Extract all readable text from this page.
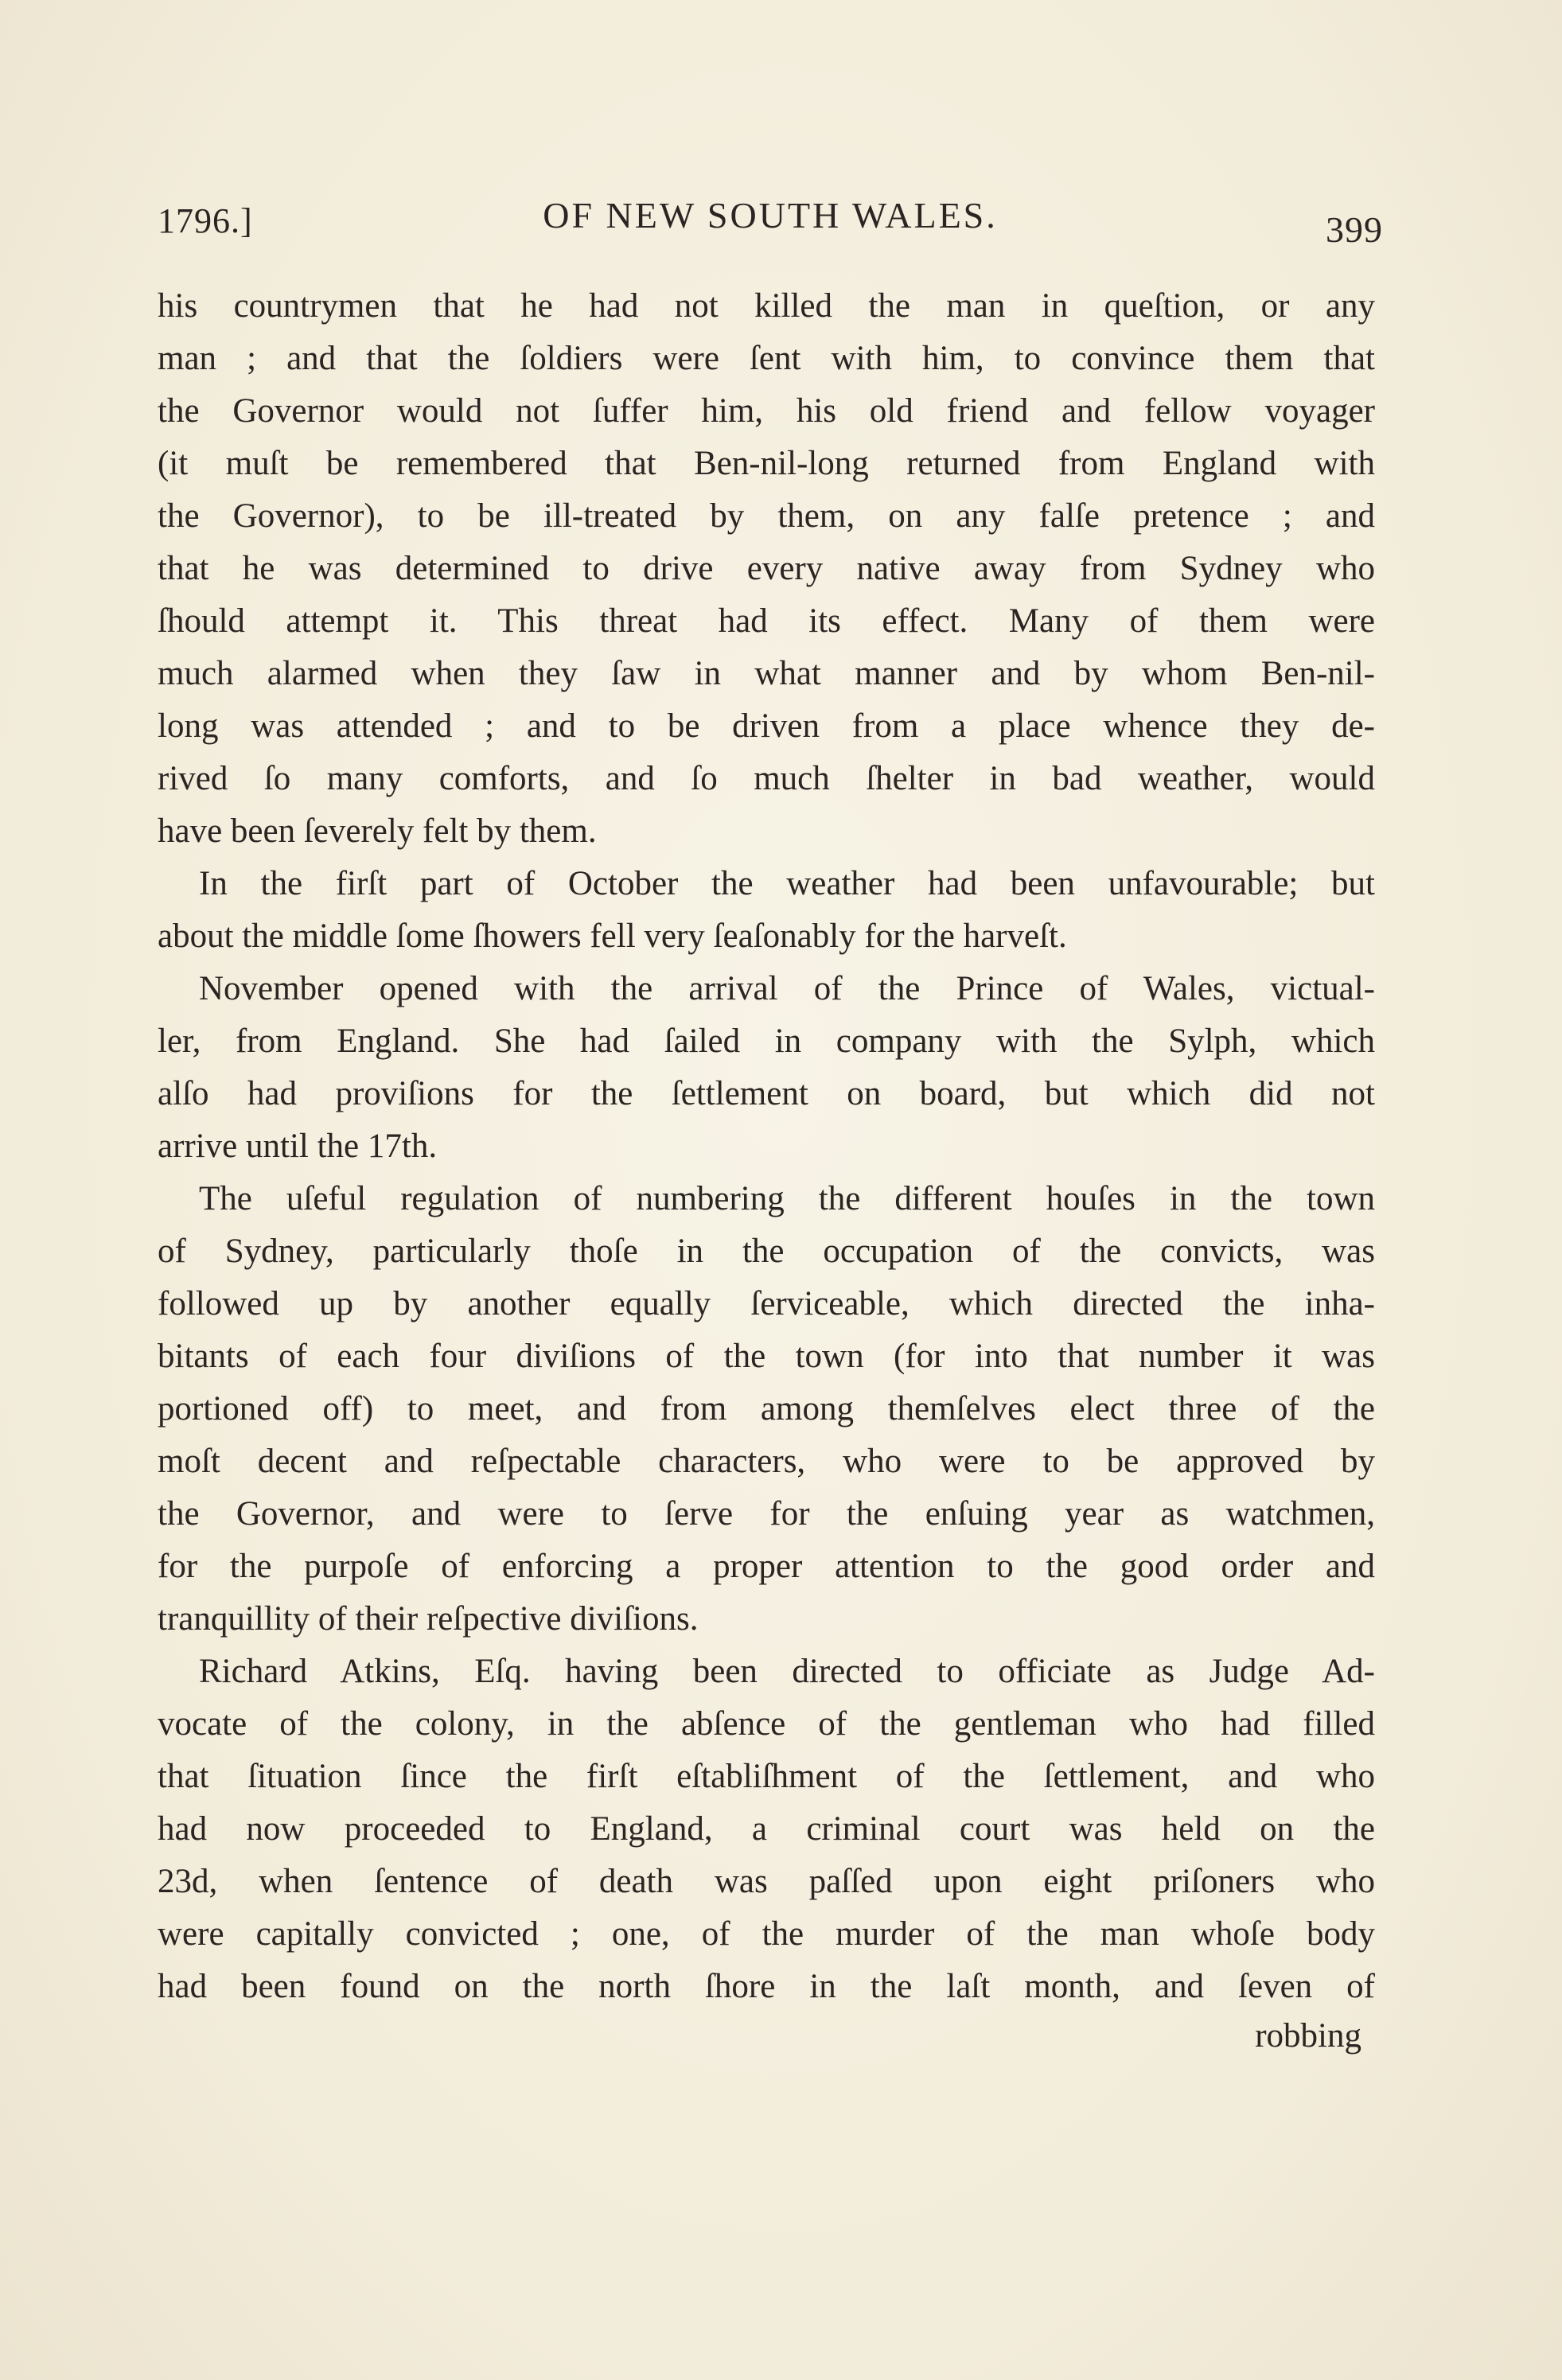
1796.]	OF NEW SOUTH WALES.	399
his countrymen that he had not killed the man in queſtion, or any
man ; and that the ſoldiers were ſent with him, to convince them that
the Governor would not ſuffer him, his old friend and fellow voyager
(it muſt be remembered that Ben-nil-long returned from England with
the Governor), to be ill-treated by them, on any falſe pretence ; and
that he was determined to drive every native away from Sydney who
ſhould attempt it. This threat had its effect. Many of them were
much alarmed when they ſaw in what manner and by whom Ben-nil-
long was attended ; and to be driven from a place whence they de-
rived ſo many comforts, and ſo much ſhelter in bad weather, would
have been ſeverely felt by them.
In the firſt part of October the weather had been unfavourable; but
about the middle ſome ſhowers fell very ſeaſonably for the harveſt.
November opened with the arrival of the Prince of Wales, victual-
ler, from England. She had ſailed in company with the Sylph, which
alſo had proviſions for the ſettlement on board, but which did not
arrive until the 17th.
The uſeful regulation of numbering the different houſes in the town
of Sydney, particularly thoſe in the occupation of the convicts, was
followed up by another equally ſerviceable, which directed the inha-
bitants of each four diviſions of the town (for into that number it was
portioned off) to meet, and from among themſelves elect three of the
moſt decent and reſpectable characters, who were to be approved by
the Governor, and were to ſerve for the enſuing year as watchmen,
for the purpoſe of enforcing a proper attention to the good order and
tranquillity of their reſpective diviſions.
Richard Atkins, Eſq. having been directed to officiate as Judge Ad-
vocate of the colony, in the abſence of the gentleman who had filled
that ſituation ſince the firſt eſtabliſhment of the ſettlement, and who
had now proceeded to England, a criminal court was held on the
23d, when ſentence of death was paſſed upon eight priſoners who
were capitally convicted ; one, of the murder of the man whoſe body
had been found on the north ſhore in the laſt month, and ſeven of
robbing
